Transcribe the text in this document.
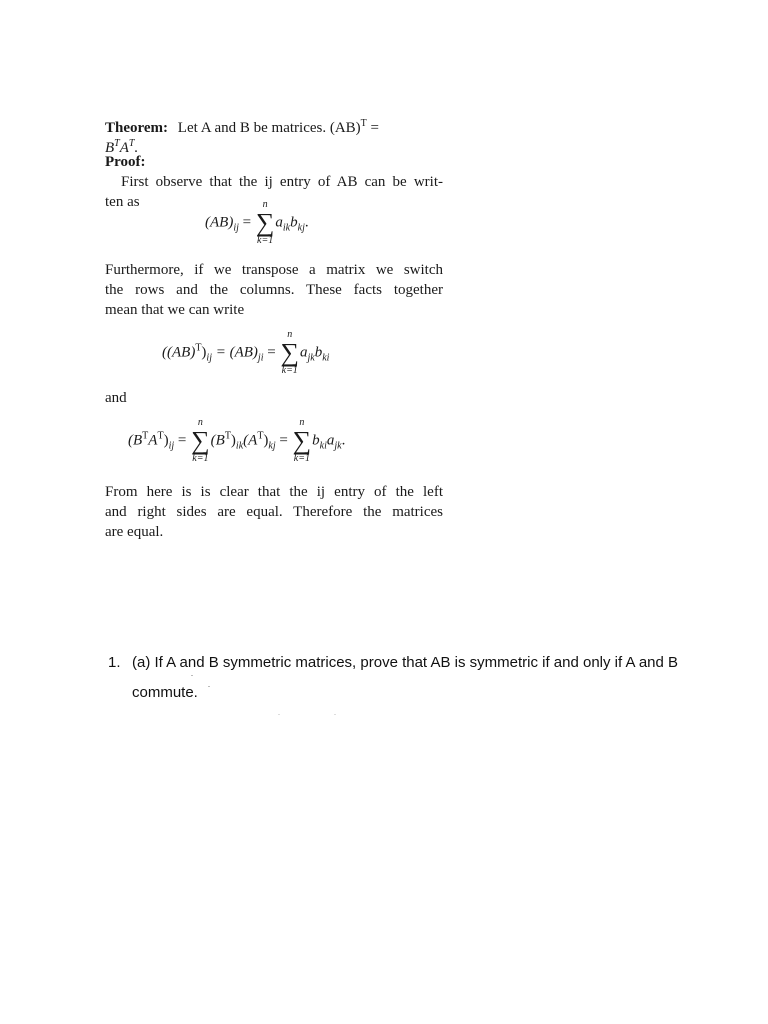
Theorem: Let A and B be matrices. (AB)$^T$ =
$B^TA^T$.
Proof:
First observe that the ij entry of AB can be writ-
ten as
$(AB)_{ij}$ =
n
∑
k=1
$a_{ik}b_{kj}$.
Furthermore, if we transpose a matrix we switch
the rows and the columns. These facts together
mean that we can write
$((AB)^T)_{ij} = (AB)_{ji}$ =
n
∑
k=1
$a_{jk}b_{ki}$
and
$(B^TA^T)_{ij}$ =
n
∑
k=1
$(B^T)_{ik}(A^T)_{kj}$ =
n
∑
k=1
$b_{ki}a_{jk}$.
From here is is clear that the ij entry of the left
and right sides are equal. Therefore the matrices
are equal.
1. (a) If A and B symmetric matrices, prove that AB is symmetric if and only if A and B
commute.
